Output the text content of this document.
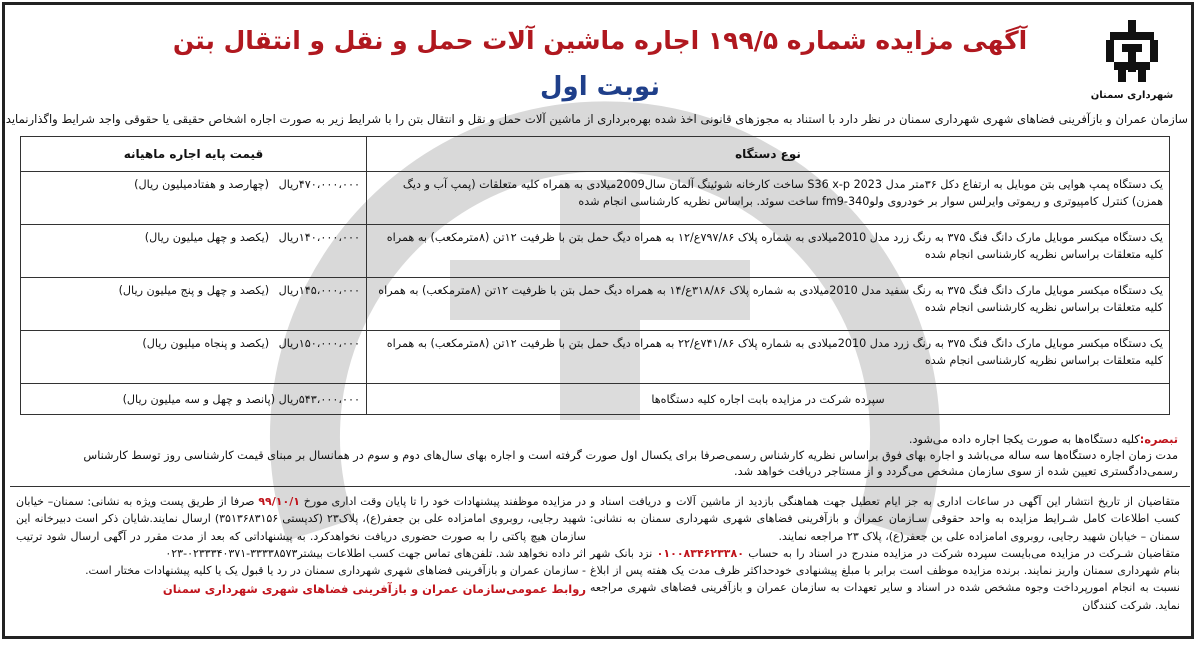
شهرداری سمنان
آگهی مزایده شماره ۱۹۹/۵ اجاره ماشین آلات حمل و نقل و انتقال بتن
نوبت اول
سازمان عمران و بازآفرینی فضاهای شهری شهرداری سمنان در نظر دارد با استناد به مجوزهای قانونی اخذ شده بهره‌برداری از ماشین آلات حمل و نقل و انتقال بتن را با شرایط زیر به صورت اجاره اشخاص حقیقی یا حقوقی واجد شرایط واگذارنماید.
نوع دستگاه	قیمت پایه اجاره ماهیانه
یک دستگاه پمپ هوایی بتن موبایل به ارتفاع دکل ۳۶متر مدل S36 x-p 2023 ساخت کارخانه شوئینگ آلمان سال2009میلادی به همراه کلیه متعلقات (پمپ آب و دیگ همزن) کنترل کامپیوتری و ریموتی وایرلس سوار بر خودروی ولوfm9-340 ساخت سوئد. براساس نظریه کارشناسی انجام شده	۴۷۰،۰۰۰،۰۰۰ریال (چهارصد و هفتادمیلیون ریال)
یک دستگاه میکسر موبایل مارک دانگ فنگ ۳۷۵ به رنگ زرد مدل 2010میلادی به شماره پلاک ۷۹۷/۸۶ع/۱۲ به همراه دیگ حمل بتن با ظرفیت ۱۲تن (۸مترمکعب) به همراه کلیه متعلقات براساس نظریه کارشناسی انجام شده	۱۴۰،۰۰۰،۰۰۰ریال (یکصد و چهل میلیون ریال)
یک دستگاه میکسر موبایل مارک دانگ فنگ ۳۷۵ به رنگ سفید مدل 2010میلادی به شماره پلاک ۳۱۸/۸۶ع/۱۴ به همراه دیگ حمل بتن با ظرفیت ۱۲تن (۸مترمکعب) به همراه کلیه متعلقات براساس نظریه کارشناسی انجام شده	۱۴۵،۰۰۰،۰۰۰ریال (یکصد و چهل و پنج میلیون ریال)
یک دستگاه میکسر موبایل مارک دانگ فنگ ۳۷۵ به رنگ زرد مدل 2010میلادی به شماره پلاک ۷۴۱/۸۶ع/۲۲ به همراه دیگ حمل بتن با ظرفیت ۱۲تن (۸مترمکعب) به همراه کلیه متعلقات براساس نظریه کارشناسی انجام شده	۱۵۰،۰۰۰،۰۰۰ریال (یکصد و پنجاه میلیون ریال)
سپرده شرکت در مزایده بابت اجاره کلیه دستگاه‌ها	۵۴۳،۰۰۰،۰۰۰ریال (پانصد و چهل و سه میلیون ریال)
تبصره:کلیه دستگاه‌ها به صورت یکجا اجاره داده می‌شود.
مدت زمان اجاره دستگاه‌ها سه ساله می‌باشد و اجاره بهای فوق براساس نظریه کارشناس رسمی‌صرفا برای یکسال اول صورت گرفته است و اجاره بهای سال‌های دوم و سوم در همانسال بر مبنای قیمت کارشناسی روز توسط کارشناس رسمی‌دادگستری تعیین شده از سوی سازمان مشخص می‌گردد و از مستاجر دریافت خواهد شد.
متقاضیان از تاریخ انتشار این آگهی در ساعات اداری به جز ایام تعطیل جهت هماهنگی بازدید از ماشین آلات و دریافت اسناد و کسب اطلاعات کامل شـرایط مزایده به واحد حقوقی سـازمان عمران و بازآفرینی فضاهای شهری شهرداری سمنان به نشانی: سمنان – خیابان شهید رجایی، روبروی امامزاده علی بن جعفر(ع)، پلاک ۲۳ مراجعه نمایند.
متقاضیان شـرکت در مزایده می‌بایست سپرده شرکت در مزایده مندرج در اسناد را به حساب ۰۱۰۰۸۳۴۶۲۳۳۸۰ نزد بانک شهر بنام شهرداری سمنان واریز نمایند. برنده مزایده موظف است برابر با مبلغ پیشنهادی خودحداکثر ظرف مدت یک هفته پس از ابلاغ نسبت به انجام امورپرداخت وجوه مشخص شده در اسناد و سایر تعهدات به سازمان عمران و بازآفرینی فضاهای شهری مراجعه نماید. شرکت کنندگان
در مزایده موظفند پیشنهادات خود را تا پایان وقت اداری مورخ ۹۹/۱۰/۱ صرفا از طریق پست ویژه به نشانی: سمنان– خیابان شهید رجایی، روبروی امامزاده علی بن جعفر(ع)، پلاک۲۳ (کدپستی ۳۵۱۳۶۸۳۱۵۶) ارسال نمایند.شایان ذکر است دبیرخانه این سازمان هیچ پاکتی را به صورت حضوری دریافت نخواهدکرد. به پیشنهاداتی که بعد از مدت مقرر در آگهی ارسال شود ترتیب اثر داده نخواهد شد. تلفن‌های تماس جهت کسب اطلاعات بیشتر۳۳۳۳۸۵۷۳-۰۲۳۳۳۴۰۳۷۱-۰۲۳
- سازمان عمران و بازآفرینی فضاهای شهری شهرداری سمنان در رد یا قبول یک یا کلیه پیشنهادات مختار است.
روابط عمومی‌سازمان عمران و بازآفرینی فضاهای شهری شهرداری سمنان
